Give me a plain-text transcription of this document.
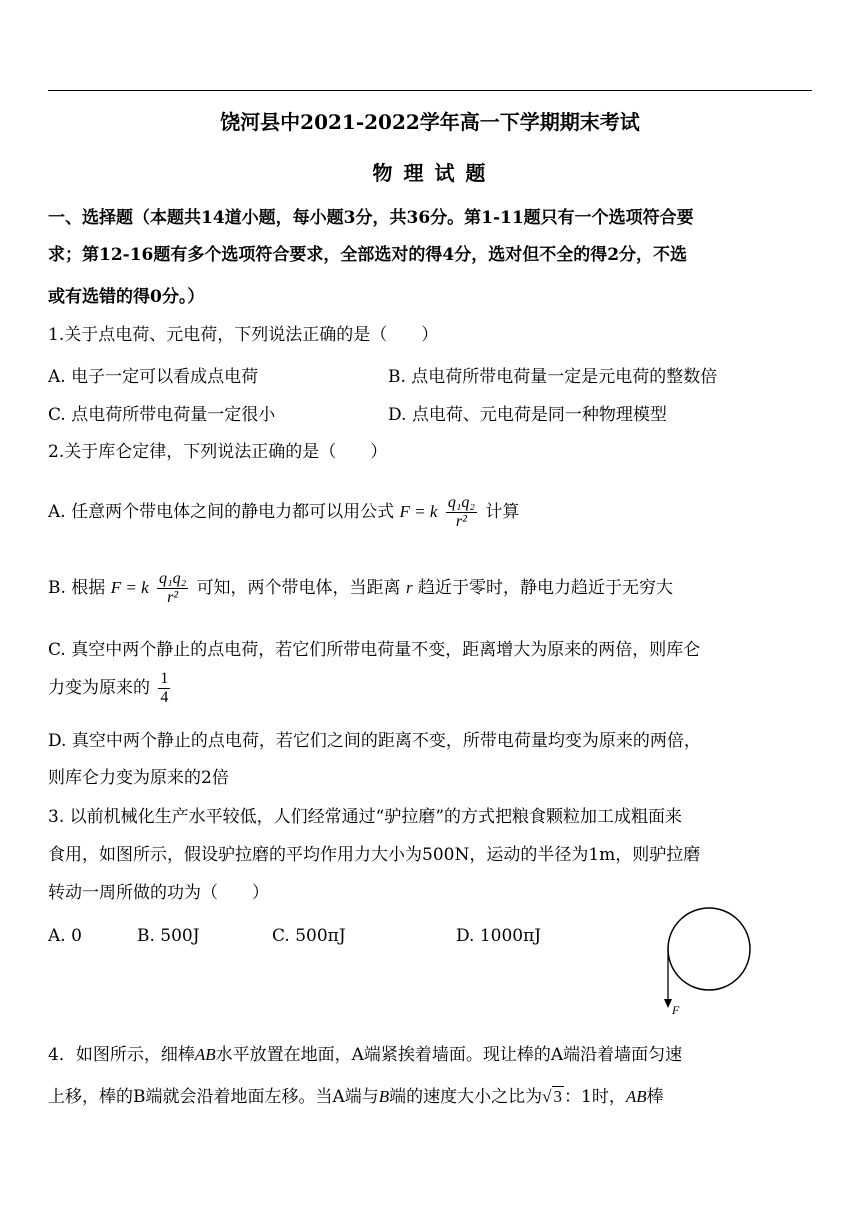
饶河县中2021-2022学年高一下学期期末考试
物 理 试 题
一、选择题（本题共14道小题，每小题3分，共36分。第1-11题只有一个选项符合要
求；第12-16题有多个选项符合要求，全部选对的得4分，选对但不全的得2分，不选
或有选错的得0分。）
1.关于点电荷、元电荷，下列说法正确的是（　　）
A. 电子一定可以看成点电荷	B. 点电荷所带电荷量一定是元电荷的整数倍
C. 点电荷所带电荷量一定很小	D. 点电荷、元电荷是同一种物理模型
2.关于库仑定律，下列说法正确的是（　　）
A. 任意两个带电体之间的静电力都可以用公式 F = k $\frac{\text{q₁q₂}}{\text{r²}}$ 计算
B. 根据 F = k $\frac{\text{q₁q₂}}{\text{r²}}$ 可知，两个带电体，当距离 r 趋近于零时，静电力趋近于无穷大
C. 真空中两个静止的点电荷，若它们所带电荷量不变，距离增大为原来的两倍，则库仑
力变为原来的 $\frac{1}{4}$
D. 真空中两个静止的点电荷，若它们之间的距离不变，所带电荷量均变为原来的两倍，
则库仑力变为原来的2倍
3. 以前机械化生产水平较低，人们经常通过“驴拉磨”的方式把粮食颗粒加工成粗面来
食用，如图所示，假设驴拉磨的平均作用力大小为500N，运动的半径为1m，则驴拉磨
转动一周所做的功为（　　）
A. 0	B. 500J	C. 500πJ	D. 1000πJ
F
4．如图所示，细棒AB水平放置在地面，A端紧挨着墙面。现让棒的A端沿着墙面匀速
上移，棒的B端就会沿着地面左移。当A端与B端的速度大小之比为√ 3 ：1时，AB棒
